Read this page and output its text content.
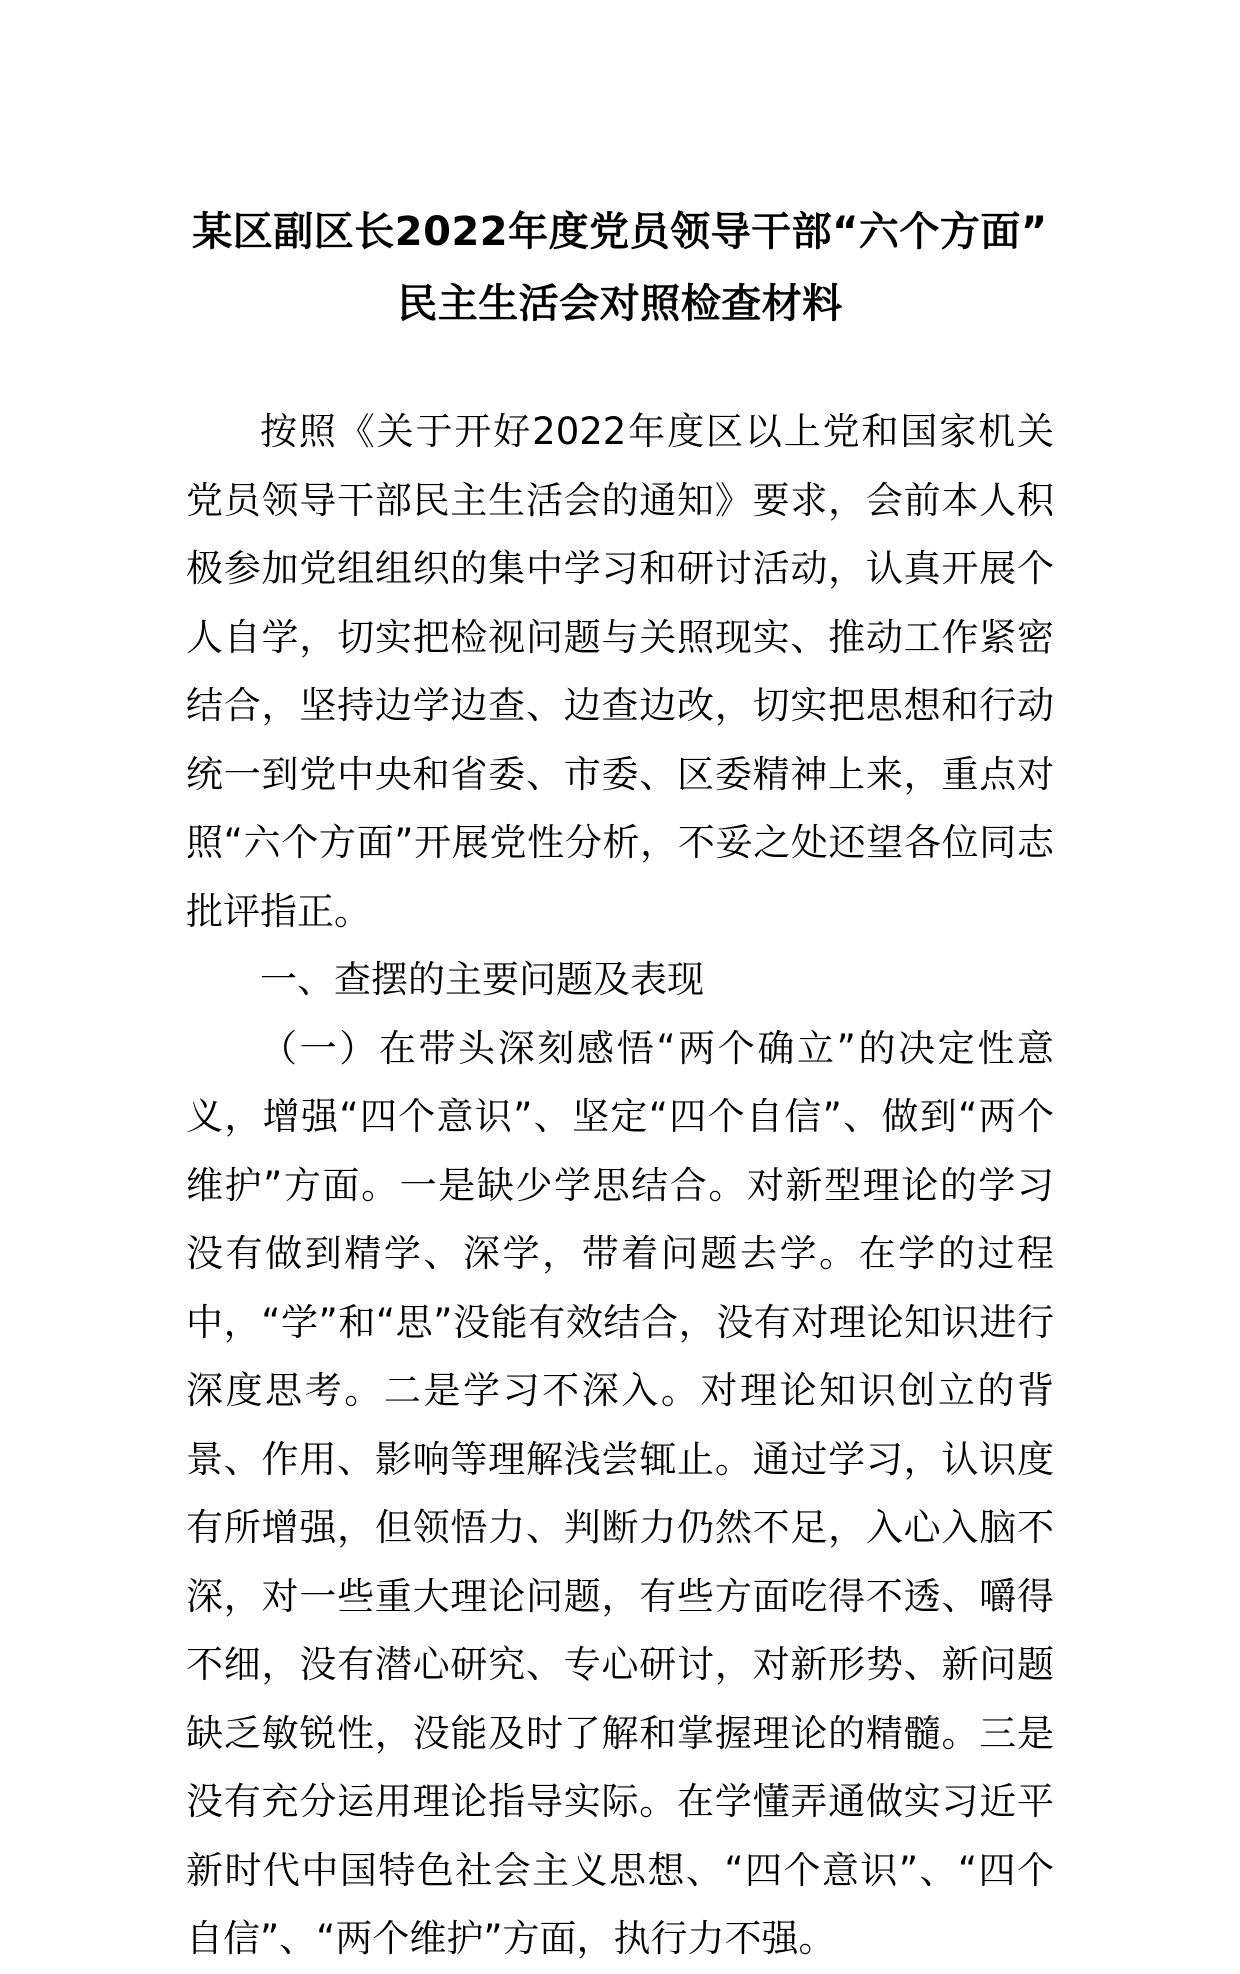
某区副区长2022年度党员领导干部“六个方面”民主生活会对照检查材料

按照《关于开好2022年度区以上党和国家机关党员领导干部民主生活会的通知》要求，会前本人积极参加党组组织的集中学习和研讨活动，认真开展个人自学，切实把检视问题与关照现实、推动工作紧密结合，坚持边学边查、边查边改，切实把思想和行动统一到党中央和省委、市委、区委精神上来，重点对照“六个方面”开展党性分析，不妥之处还望各位同志批评指正。

一、查摆的主要问题及表现

（一）在带头深刻感悟“两个确立”的决定性意义，增强“四个意识”、坚定“四个自信”、做到“两个维护”方面。一是缺少学思结合。对新型理论的学习没有做到精学、深学，带着问题去学。在学的过程中，“学”和“思”没能有效结合，没有对理论知识进行深度思考。二是学习不深入。对理论知识创立的背景、作用、影响等理解浅尝辄止。通过学习，认识度有所增强，但领悟力、判断力仍然不足，入心入脑不深，对一些重大理论问题，有些方面吃得不透、嚼得不细，没有潜心研究、专心研讨，对新形势、新问题缺乏敏锐性，没能及时了解和掌握理论的精髓。三是没有充分运用理论指导实际。在学懂弄通做实习近平新时代中国特色社会主义思想、“四个意识”、“四个自信”、“两个维护”方面，执行力不强。
